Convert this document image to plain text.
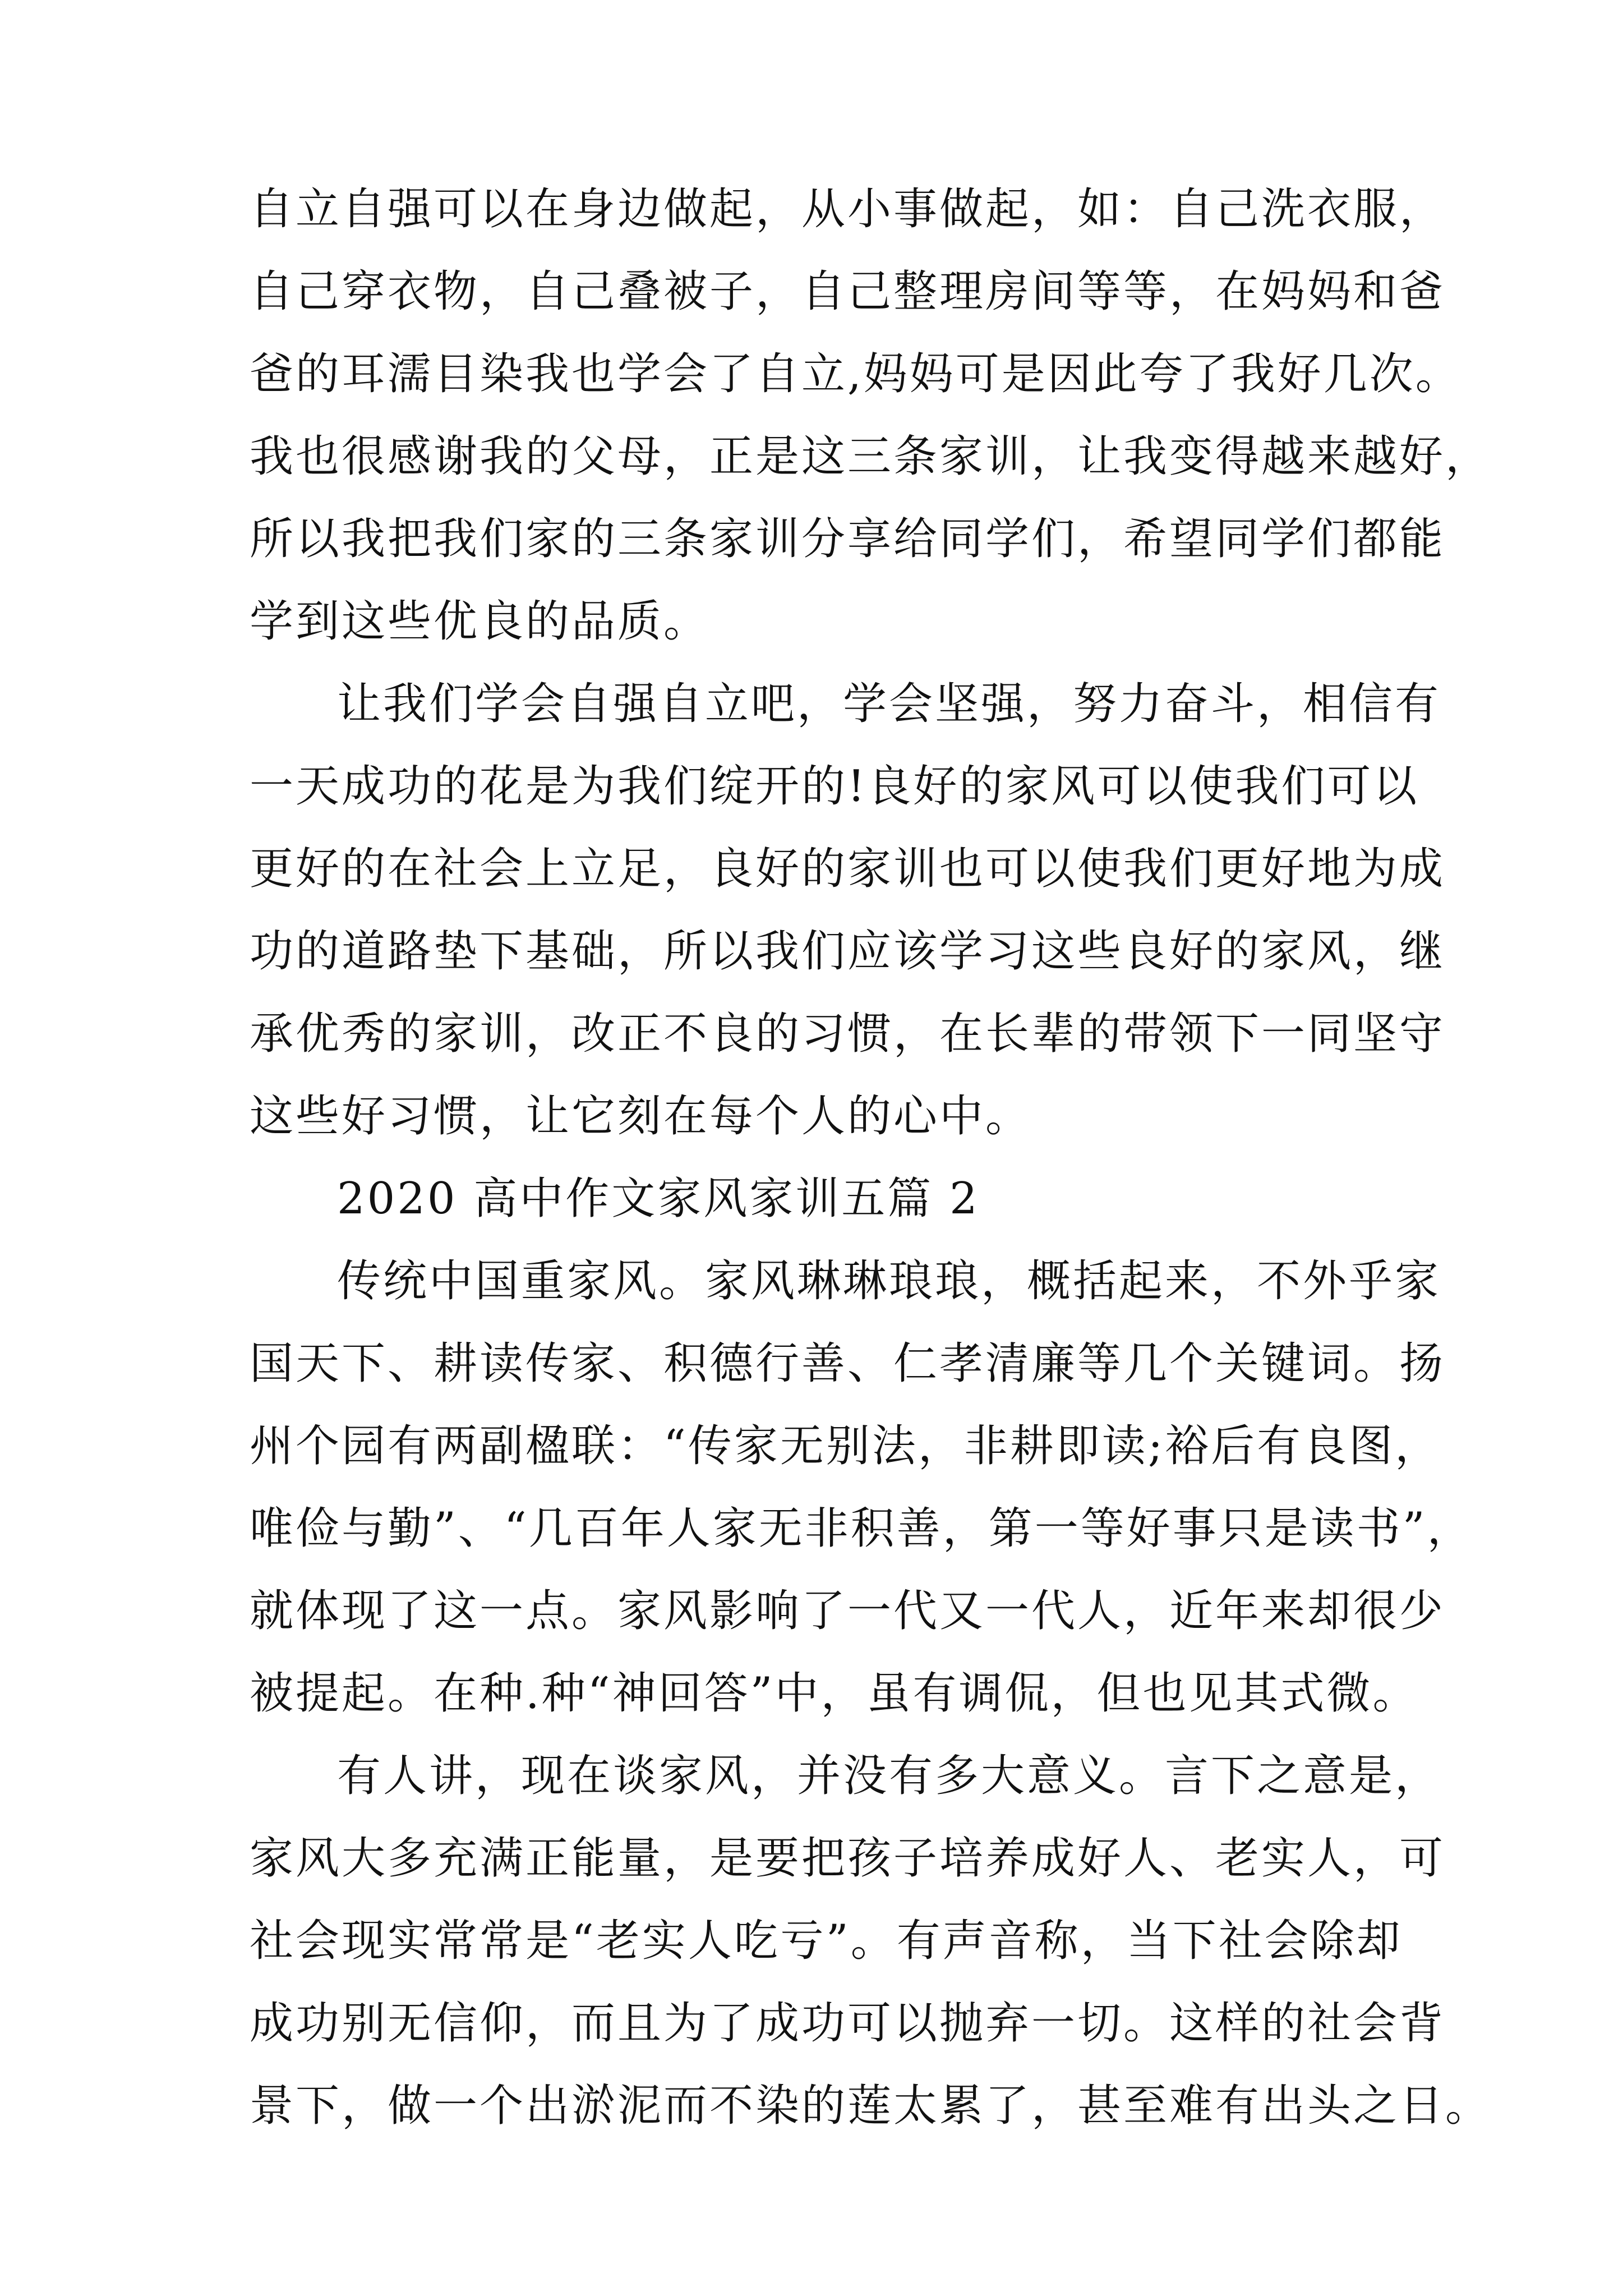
自立自强可以在身边做起，从小事做起，如：自己洗衣服，
自己穿衣物，自己叠被子，自己整理房间等等，在妈妈和爸
爸的耳濡目染我也学会了自立,妈妈可是因此夸了我好几次。
我也很感谢我的父母，正是这三条家训，让我变得越来越好，
所以我把我们家的三条家训分享给同学们，希望同学们都能
学到这些优良的品质。
让我们学会自强自立吧，学会坚强，努力奋斗，相信有
一天成功的花是为我们绽开的!良好的家风可以使我们可以
更好的在社会上立足，良好的家训也可以使我们更好地为成
功的道路垫下基础，所以我们应该学习这些良好的家风，继
承优秀的家训，改正不良的习惯，在长辈的带领下一同坚守
这些好习惯，让它刻在每个人的心中。
2020 高中作文家风家训五篇 2
传统中国重家风。家风琳琳琅琅，概括起来，不外乎家
国天下、耕读传家、积德行善、仁孝清廉等几个关键词。扬
州个园有两副楹联：“传家无别法，非耕即读;裕后有良图，
唯俭与勤”、“几百年人家无非积善，第一等好事只是读书”，
就体现了这一点。家风影响了一代又一代人，近年来却很少
被提起。在种.种“神回答”中，虽有调侃，但也见其式微。
有人讲，现在谈家风，并没有多大意义。言下之意是，
家风大多充满正能量，是要把孩子培养成好人、老实人，可
社会现实常常是“老实人吃亏”。有声音称，当下社会除却
成功别无信仰，而且为了成功可以抛弃一切。这样的社会背
景下，做一个出淤泥而不染的莲太累了，甚至难有出头之日。
